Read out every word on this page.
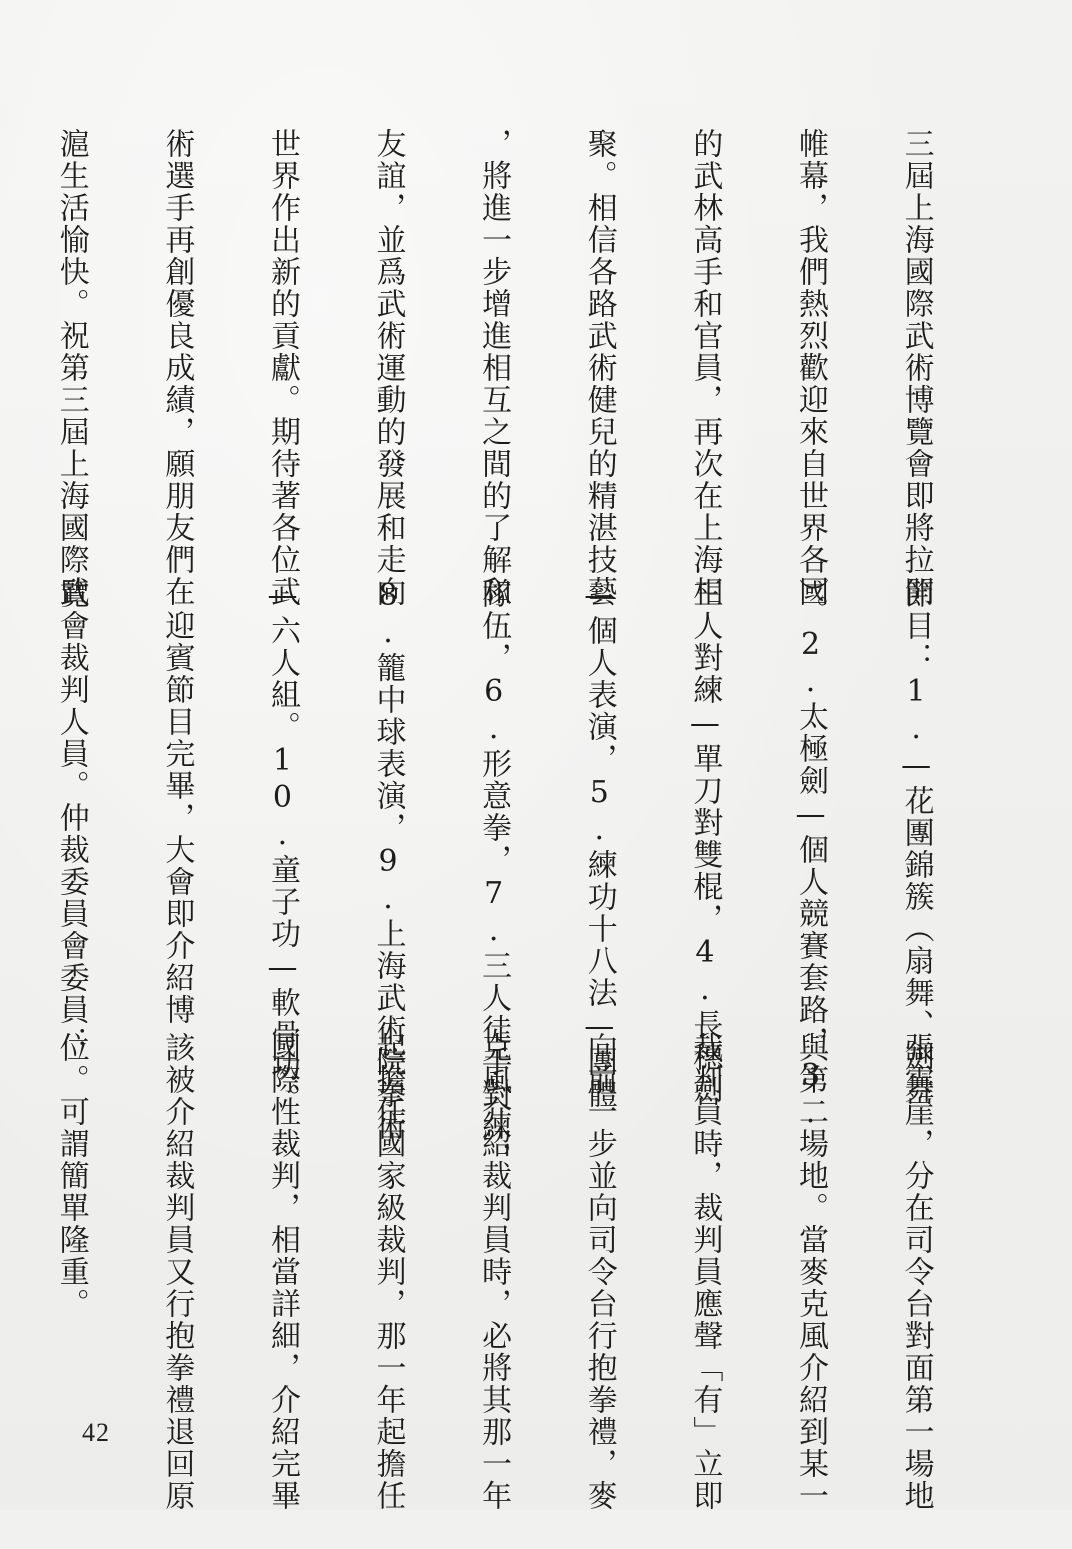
三屆上海國際武術博覽會即將拉開

帷幕，我們熱烈歡迎來自世界各國

的武林高手和官員，再次在上海相

聚。相信各路武術健兒的精湛技藝

，將進一步增進相互之間的了解和

友誼，並爲武術運動的發展和走向

世界作出新的貢獻。期待著各位武

術選手再創優良成績，願朋友們在

滬生活愉快。祝第三屆上海國際武

節目：1.—花團錦簇（扇舞、劍舞

）。2.太極劍—個人競賽套路，3.

三人對練—單刀對雙棍，4.長穗劍

—個人表演，5.練功十八法—團體

隊伍，6.形意拳，7.三人徒手對練，

8.籠中球表演，9.上海武術院拳術

—六人組。10.童子功—軟骨功。

　迎賓節目完畢，大會即介紹博

覽會裁判人員。仲裁委員會委員：

張雲崖，分在司令台對面第一場地

與第二場地。當麥克風介紹到某一

裁判員時，裁判員應聲「有」立即

向前一步並向司令台行抱拳禮，麥

克風介紹裁判員時，必將其那一年

起擔任國家級裁判，那一年起擔任

國際性裁判，相當詳細，介紹完畢

該被介紹裁判員又行抱拳禮退回原

位。可謂簡單隆重。

42
